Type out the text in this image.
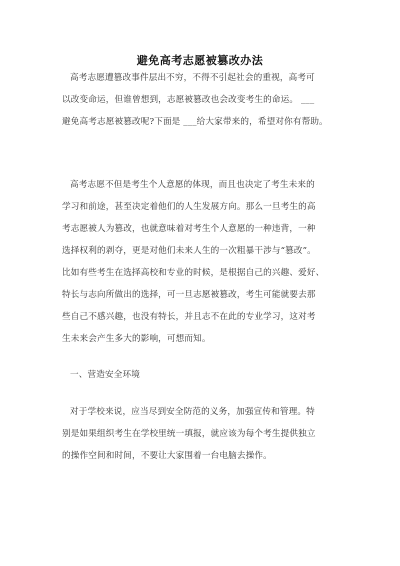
避免高考志愿被篡改办法
高考志愿遭篡改事件层出不穷，不得不引起社会的重视，高考可
以改变命运，但谁曾想到，志愿被篡改也会改变考生的命运。 ___
避免高考志愿被篡改呢?下面是 ___给大家带来的，希望对你有帮助。
高考志愿不但是考生个人意愿的体现，而且也决定了考生未来的
学习和前途，甚至决定着他们的人生发展方向。那么一旦考生的高
考志愿被人为篡改，也就意味着对考生个人意愿的一种违背，一种
选择权利的剥夺，更是对他们未来人生的一次粗暴干涉与“篡改”。
比如有些考生在选择高校和专业的时候，是根据自己的兴趣、爱好、
特长与志向所做出的选择，可一旦志愿被篡改，考生可能就要去那
些自己不感兴趣，也没有特长，并且志不在此的专业学习，这对考
生未来会产生多大的影响，可想而知。
一、营造安全环境
对于学校来说，应当尽到安全防范的义务，加强宣传和管理。特
别是如果组织考生在学校里统一填报，就应该为每个考生提供独立
的操作空间和时间，不要让大家围着一台电脑去操作。
